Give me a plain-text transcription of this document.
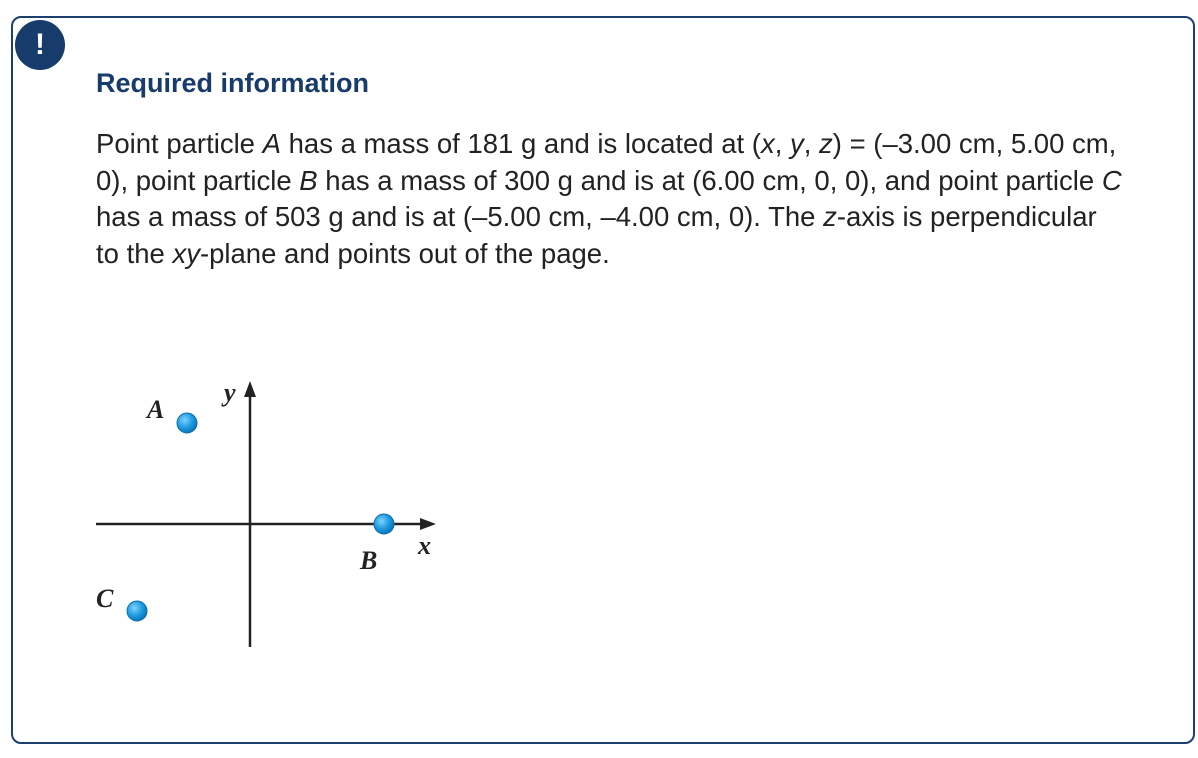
!
Required information

Point particle A has a mass of 181 g and is located at (x, y, z) = (–3.00 cm, 5.00 cm, 0), point particle B has a mass of 300 g and is at (6.00 cm, 0, 0), and point particle C has a mass of 503 g and is at (–5.00 cm, –4.00 cm, 0). The z-axis is perpendicular to the xy-plane and points out of the page.

y
x
A
B
C
